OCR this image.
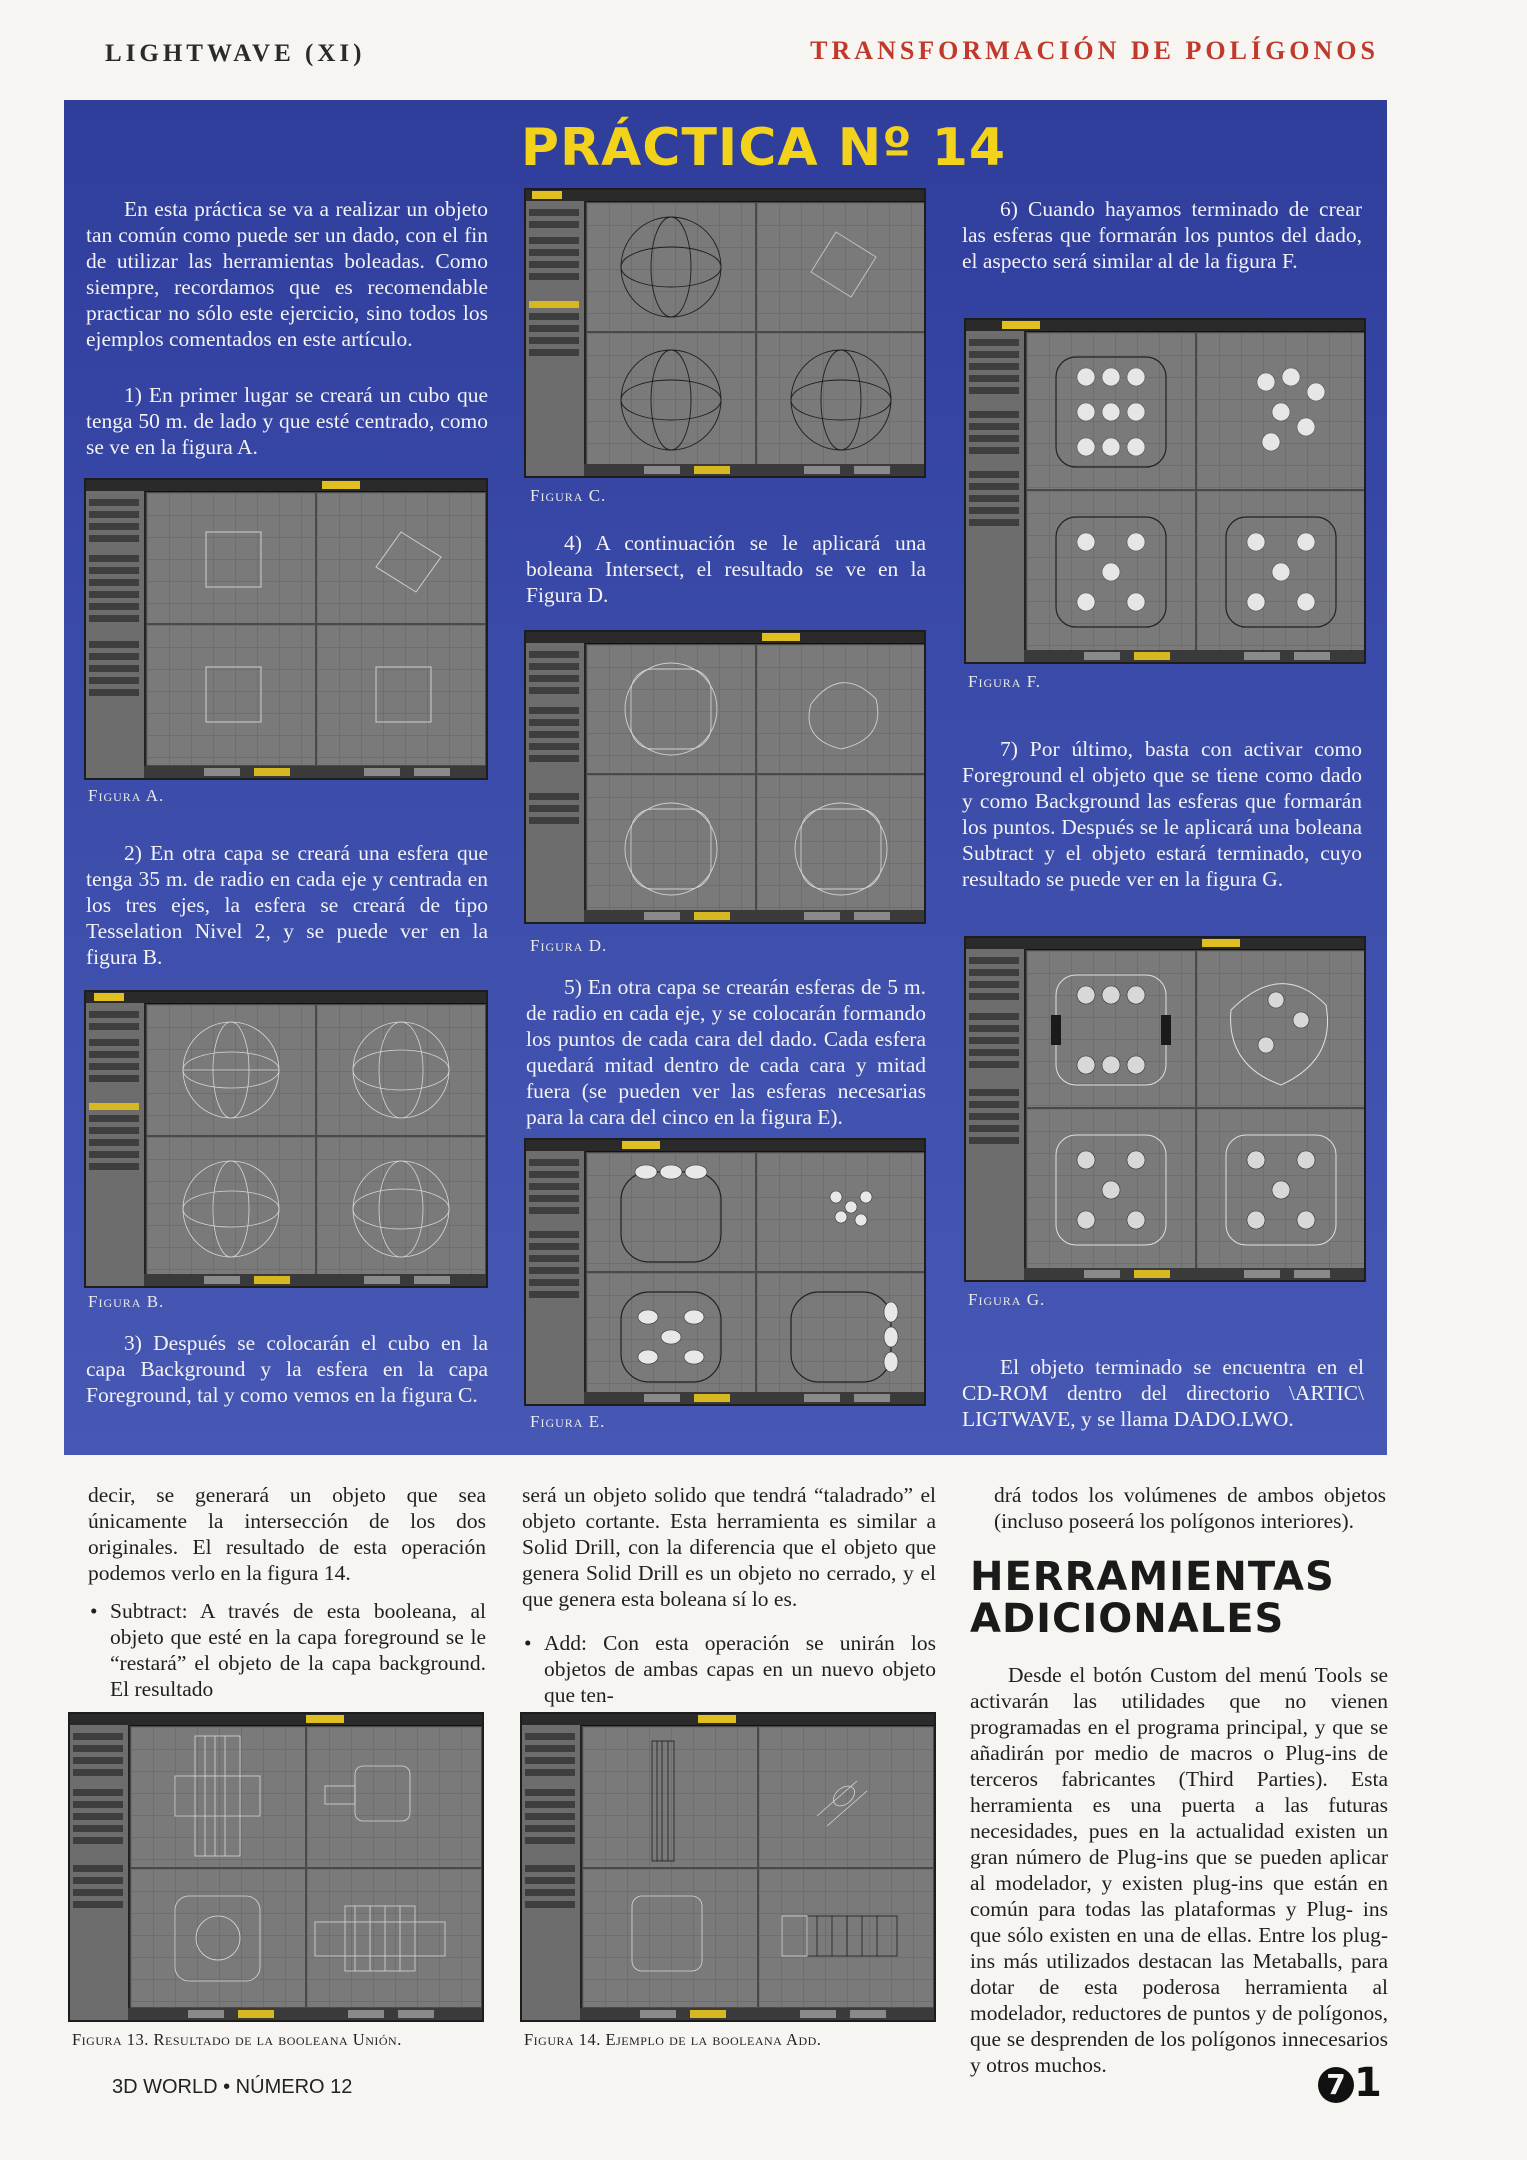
LIGHTWAVE (XI)	TRANSFORMACIÓN DE POLÍGONOS
PRÁCTICA Nº 14

En esta práctica se va a realizar un objeto tan común como puede ser un dado, con el fin de utilizar las herramientas boleadas. Como siempre, recordamos que es recomendable practicar no sólo este ejercicio, sino todos los ejemplos comentados en este artículo.

1) En primer lugar se creará un cubo que tenga 50 m. de lado y que esté centrado, como se ve en la figura A.

Figura A.

2) En otra capa se creará una esfera que tenga 35 m. de radio en cada eje y centrada en los tres ejes, la esfera se creará de tipo Tesselation Nivel 2, y se puede ver en la figura B.

Figura B.

3) Después se colocarán el cubo en la capa Background y la esfera en la capa Foreground, tal y como vemos en la figura C.

Figura C.

4) A continuación se le aplicará una boleana Intersect, el resultado se ve en la Figura D.

Figura D.

5) En otra capa se crearán esferas de 5 m. de radio en cada eje, y se colocarán formando los puntos de cada cara del dado. Cada esfera quedará mitad dentro de cada cara y mitad fuera (se pueden ver las esferas necesarias para la cara del cinco en la figura E).

Figura E.

6) Cuando hayamos terminado de crear las esferas que formarán los puntos del dado, el aspecto será similar al de la figura F.

Figura F.

7) Por último, basta con activar como Foreground el objeto que se tiene como dado y como Background las esferas que formarán los puntos. Después se le aplicará una boleana Subtract y el objeto estará terminado, cuyo resultado se puede ver en la figura G.

Figura G.

El objeto terminado se encuentra en el CD-ROM dentro del directorio \ARTIC\ LIGTWAVE, y se llama DADO.LWO.

decir, se generará un objeto que sea únicamente la intersección de los dos originales. El resultado de esta operación podemos verlo en la figura 14.

• Subtract: A través de esta booleana, al objeto que esté en la capa foreground se le “restará” el objeto de la capa background. El resultado

será un objeto solido que tendrá “taladrado” el objeto cortante. Esta herramienta es similar a Solid Drill, con la diferencia que el objeto que genera Solid Drill es un objeto no cerrado, y el que genera esta boleana sí lo es.

• Add: Con esta operación se unirán los objetos de ambas capas en un nuevo objeto que ten-

drá todos los volúmenes de ambos objetos (incluso poseerá los polígonos interiores).

HERRAMIENTAS
ADICIONALES

Desde el botón Custom del menú Tools se activarán las utilidades que no vienen programadas en el programa principal, y que se añadirán por medio de macros o Plug-ins de terceros fabricantes (Third Parties). Esta herramienta es una puerta a las futuras necesidades, pues en la actualidad existen un gran número de Plug-ins que se pueden aplicar al modelador, y existen plug-ins que están en común para todas las plataformas y Plug- ins que sólo existen en una de ellas. Entre los plug-ins más utilizados destacan las Metaballs, para dotar de esta poderosa herramienta al modelador, reductores de puntos y de polígonos, que se desprenden de los polígonos innecesarios y otros muchos.

Figura 13. Resultado de la booleana Unión.	Figura 14. Ejemplo de la booleana Add.
3D WORLD • NÚMERO 12	7 1
